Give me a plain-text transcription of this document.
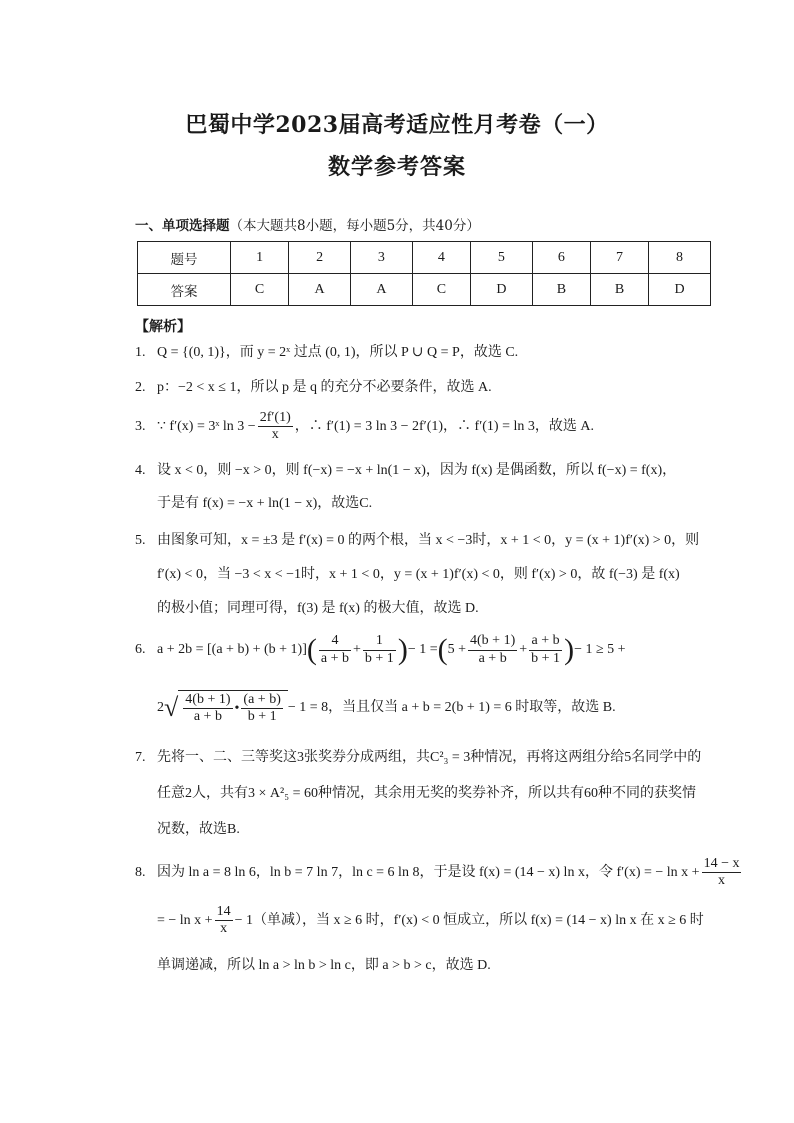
巴蜀中学2023届高考适应性月考卷（一）
数学参考答案
一、单项选择题（本大题共8小题，每小题5分，共40分）
题号	1	2	3	4	5	6	7	8
答案	C	A	A	C	D	B	B	D
【解析】
1. Q = {(0, 1)}，而 y = 2ˣ 过点 (0, 1)，所以 P ∪ Q = P，故选 C.
2. p：−2 < x ≤ 1，所以 p 是 q 的充分不必要条件，故选 A.
3. ∵ f′(x) = 3ˣ $\ln 3 - \frac{2f'(1)}{x}$ ，∴ f′(1) = 3 ln 3 − 2f′(1)，∴ f′(1) = ln 3，故选 A.
4. 设 x < 0，则 −x > 0，则 f(−x) = −x + ln(1 − x)，因为 f(x) 是偶函数，所以 f(−x) = f(x)，
于是有 f(x) = −x + ln(1 − x)，故选C.
5. 由图象可知，x = ±3 是 f′(x) = 0 的两个根，当 x < −3时，x + 1 < 0，y = (x + 1)f′(x) > 0，则
f′(x) < 0，当 −3 < x < −1时，x + 1 < 0，y = (x + 1)f′(x) < 0，则 f′(x) > 0，故 f(−3) 是 f(x)
的极小值；同理可得，f(3) 是 f(x) 的极大值，故选 D.
6. $a + 2b = [(a + b) + (b + 1)]( \frac{4}{a + b} + \frac{1}{b + 1}$ )− $1 =(5 + \frac{4(b + 1)}{a + b} + \frac{a + b}{b + 1}$ )− 1 ≥ 5 +
$2√ \frac{4(b + 1)}{a + b}$ • $\frac{(a + b)}{b + 1} - 1 = 8$，当且仅当 a + b = 2(b + 1) = 6 时取等，故选 B.
7. 先将一、二、三等奖这3张奖券分成两组，共C²₃ = 3种情况，再将这两组分给5名同学中的
任意2人，共有3 × A²₅ = 60种情况，其余用无奖的奖券补齐，所以共有60种不同的获奖情
况数，故选B.
8. 因为 ln a = 8 ln 6，ln b = 7 ln 7，ln c = 6 ln 8，于是设 f(x) = (14 − x) ln x，令 f′(x) = − $\ln x + \frac{14 - x}{x}$
= − $\ln x + \frac{14}{x} - 1$（单减），当 x ≥ 6 时，f′(x) < 0 恒成立，所以 f(x) = (14 − x) ln x 在 x ≥ 6 时
单调递减，所以 ln a > ln b > ln c，即 a > b > c，故选 D.
